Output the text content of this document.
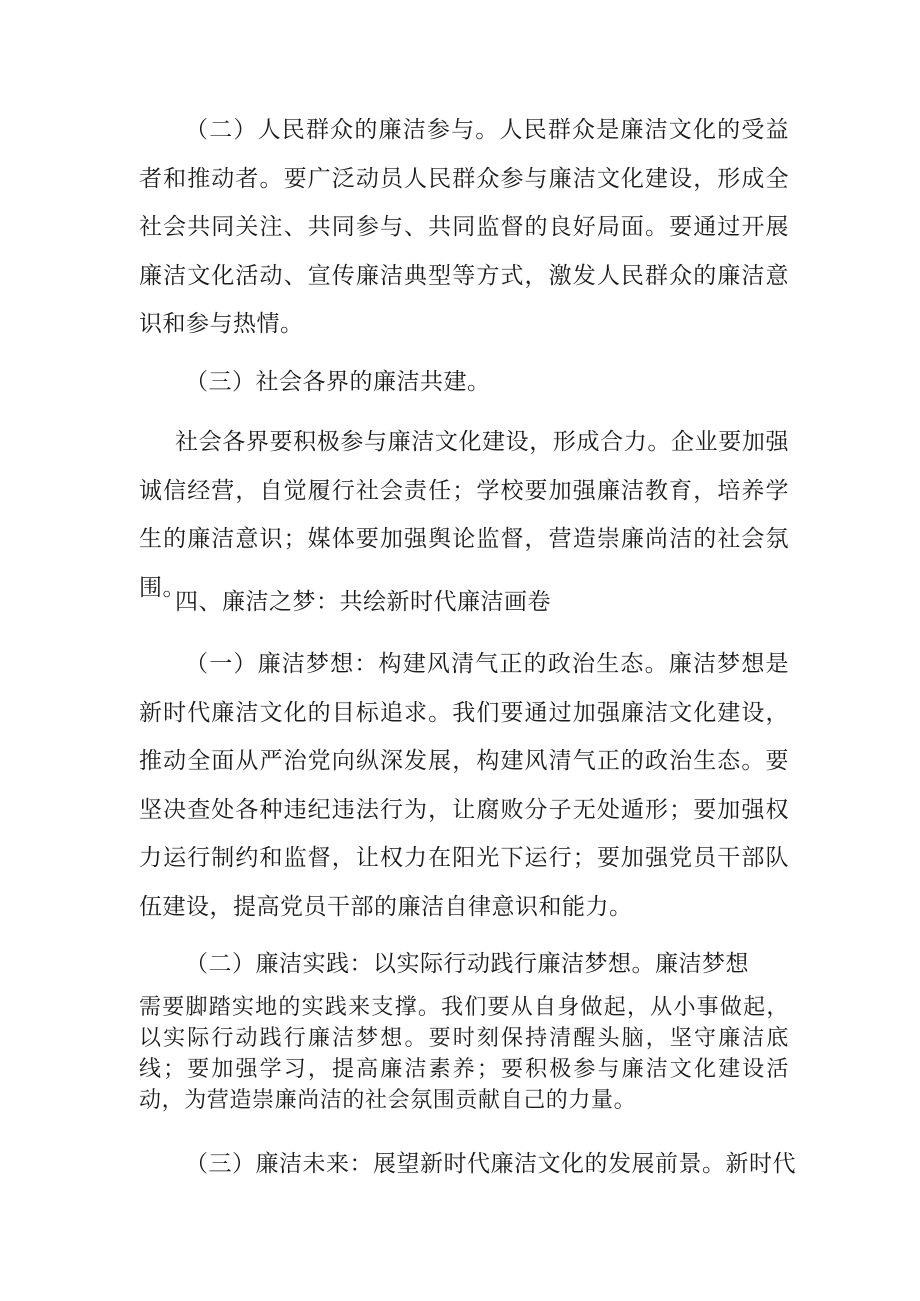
（二）人民群众的廉洁参与。人民群众是廉洁文化的受益者和推动者。要广泛动员人民群众参与廉洁文化建设，形成全社会共同关注、共同参与、共同监督的良好局面。要通过开展廉洁文化活动、宣传廉洁典型等方式，激发人民群众的廉洁意识和参与热情。

（三）社会各界的廉洁共建。

社会各界要积极参与廉洁文化建设，形成合力。企业要加强诚信经营，自觉履行社会责任；学校要加强廉洁教育，培养学生的廉洁意识；媒体要加强舆论监督，营造崇廉尚洁的社会氛围。

四、廉洁之梦：共绘新时代廉洁画卷

（一）廉洁梦想：构建风清气正的政治生态。廉洁梦想是新时代廉洁文化的目标追求。我们要通过加强廉洁文化建设，推动全面从严治党向纵深发展，构建风清气正的政治生态。要坚决查处各种违纪违法行为，让腐败分子无处遁形；要加强权力运行制约和监督，让权力在阳光下运行；要加强党员干部队伍建设，提高党员干部的廉洁自律意识和能力。

（二）廉洁实践：以实际行动践行廉洁梦想。廉洁梦想

需要脚踏实地的实践来支撑。我们要从自身做起，从小事做起，以实际行动践行廉洁梦想。要时刻保持清醒头脑，坚守廉洁底线；要加强学习，提高廉洁素养；要积极参与廉洁文化建设活动，为营造崇廉尚洁的社会氛围贡献自己的力量。

（三）廉洁未来：展望新时代廉洁文化的发展前景。新时代
